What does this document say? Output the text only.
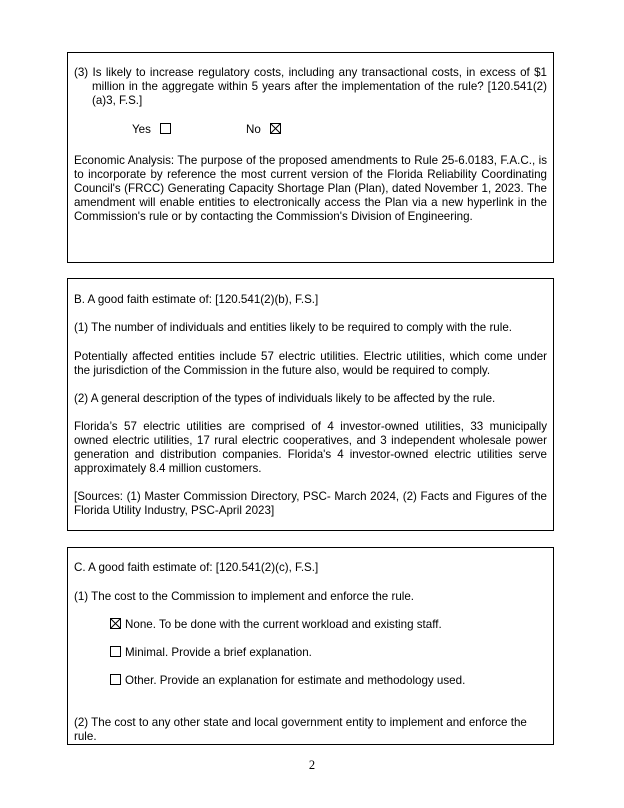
(3) Is likely to increase regulatory costs, including any transactional costs, in excess of $1 million in the aggregate within 5 years after the implementation of the rule? [120.541(2)(a)3, F.S.]

Yes	No

Economic Analysis: The purpose of the proposed amendments to Rule 25-6.0183, F.A.C., is to incorporate by reference the most current version of the Florida Reliability Coordinating Council's (FRCC) Generating Capacity Shortage Plan (Plan), dated November 1, 2023. The amendment will enable entities to electronically access the Plan via a new hyperlink in the Commission's rule or by contacting the Commission's Division of Engineering.

B. A good faith estimate of: [120.541(2)(b), F.S.]

(1) The number of individuals and entities likely to be required to comply with the rule.

Potentially affected entities include 57 electric utilities. Electric utilities, which come under the jurisdiction of the Commission in the future also, would be required to comply.

(2) A general description of the types of individuals likely to be affected by the rule.

Florida’s 57 electric utilities are comprised of 4 investor-owned utilities, 33 municipally owned electric utilities, 17 rural electric cooperatives, and 3 independent wholesale power generation and distribution companies. Florida's 4 investor-owned electric utilities serve approximately 8.4 million customers.

[Sources: (1) Master Commission Directory, PSC- March 2024, (2) Facts and Figures of the Florida Utility Industry, PSC-April 2023]

C. A good faith estimate of: [120.541(2)(c), F.S.]

(1) The cost to the Commission to implement and enforce the rule.

None. To be done with the current workload and existing staff.
Minimal. Provide a brief explanation.
Other. Provide an explanation for estimate and methodology used.

(2) The cost to any other state and local government entity to implement and enforce the rule.

2
